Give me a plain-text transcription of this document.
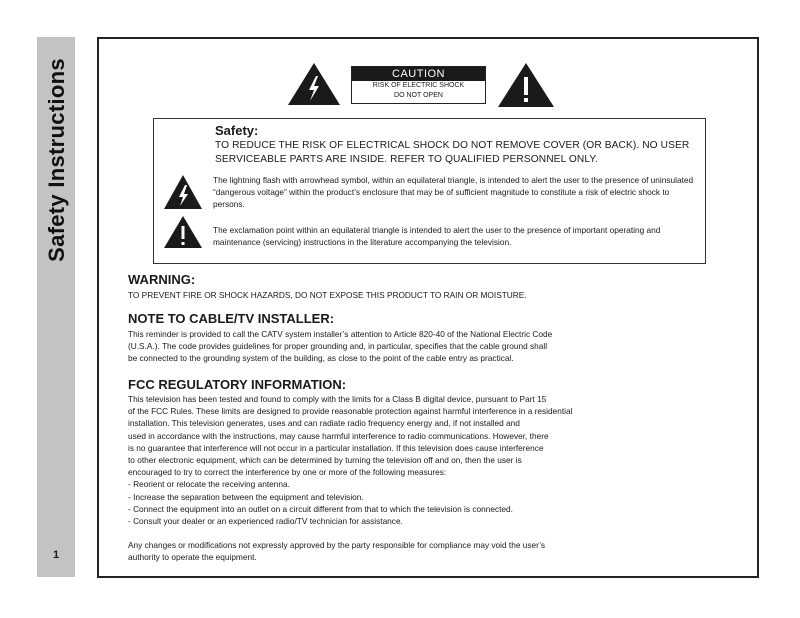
Safety Instructions
1
CAUTION
RISK OF ELECTRIC SHOCK
DO NOT OPEN
Safety:
TO REDUCE THE RISK OF ELECTRICAL SHOCK DO NOT REMOVE COVER (OR BACK). NO USER SERVICEABLE PARTS ARE INSIDE. REFER TO QUALIFIED PERSONNEL ONLY.
The lightning flash with arrowhead symbol, within an equilateral triangle, is intended to alert the user to the presence of uninsulated “dangerous voltage” within the product’s enclosure that may be of sufficient magnitude to constitute a risk of electric shock to persons.
The exclamation point within an equilateral triangle is intended to alert the user to the presence of important operating and maintenance (servicing) instructions in the literature accompanying the television.
WARNING:
TO PREVENT FIRE OR SHOCK HAZARDS, DO NOT EXPOSE THIS PRODUCT TO RAIN OR MOISTURE.
NOTE TO CABLE/TV INSTALLER:
This reminder is provided to call the CATV system installer’s attention to Article 820-40 of the National Electric Code
(U.S.A.). The code provides guidelines for proper grounding and, in particular, specifies that the cable ground shall
be connected to the grounding system of the building, as close to the point of the cable entry as practical.
FCC REGULATORY INFORMATION:
This television has been tested and found to comply with the limits for a Class B digital device, pursuant to Part 15
of the FCC Rules. These limits are designed to provide reasonable protection against harmful interference in a residential
installation. This television generates, uses and can radiate radio frequency energy and, if not installed and
used in accordance with the instructions, may cause harmful interference to radio communications. However, there
is no guarantee that interference will not occur in a particular installation. If this television does cause interference
to other electronic equipment, which can be determined by turning the television off and on, then the user is
encouraged to try to correct the interference by one or more of the following measures:
- Reorient or relocate the receiving antenna.
- Increase the separation between the equipment and television.
- Connect the equipment into an outlet on a circuit different from that to which the television is connected.
- Consult your dealer or an experienced radio/TV technician for assistance.
Any changes or modifications not expressly approved by the party responsible for compliance may void the user’s
authority to operate the equipment.
